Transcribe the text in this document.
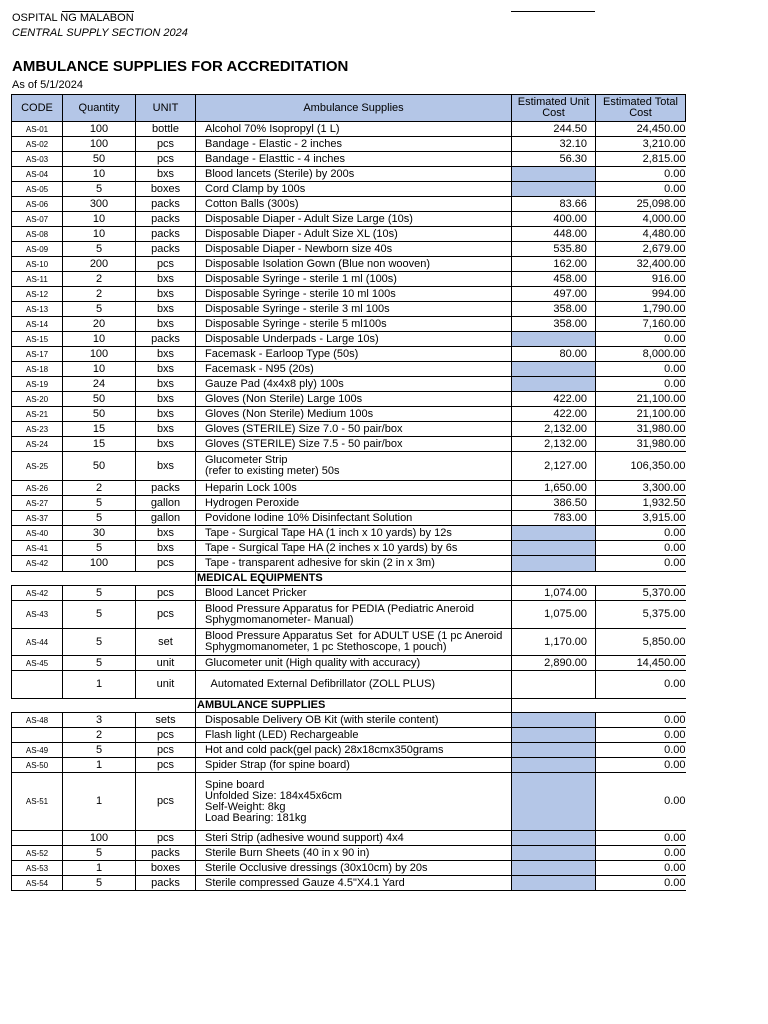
OSPITAL NG MALABON
CENTRAL SUPPLY SECTION 2024
AMBULANCE SUPPLIES FOR ACCREDITATION
As of 5/1/2024
CODE	Quantity	UNIT	Ambulance Supplies	Estimated Unit Cost	Estimated Total Cost
AS-01	100	bottle	Alcohol 70% Isopropyl (1 L)	244.50	24,450.00
AS-02	100	pcs	Bandage - Elastic - 2 inches	32.10	3,210.00
AS-03	50	pcs	Bandage - Elasttic - 4 inches	56.30	2,815.00
AS-04	10	bxs	Blood lancets (Sterile) by 200s		0.00
AS-05	5	boxes	Cord Clamp by 100s		0.00
AS-06	300	packs	Cotton Balls (300s)	83.66	25,098.00
AS-07	10	packs	Disposable Diaper - Adult Size Large (10s)	400.00	4,000.00
AS-08	10	packs	Disposable Diaper - Adult Size XL (10s)	448.00	4,480.00
AS-09	5	packs	Disposable Diaper - Newborn size 40s	535.80	2,679.00
AS-10	200	pcs	Disposable Isolation Gown (Blue non wooven)	162.00	32,400.00
AS-11	2	bxs	Disposable Syringe - sterile 1 ml (100s)	458.00	916.00
AS-12	2	bxs	Disposable Syringe - sterile 10 ml 100s	497.00	994.00
AS-13	5	bxs	Disposable Syringe - sterile 3 ml 100s	358.00	1,790.00
AS-14	20	bxs	Disposable Syringe - sterile 5 ml100s	358.00	7,160.00
AS-15	10	packs	Disposable Underpads - Large 10s)		0.00
AS-17	100	bxs	Facemask - Earloop Type (50s)	80.00	8,000.00
AS-18	10	bxs	Facemask - N95 (20s)		0.00
AS-19	24	bxs	Gauze Pad (4x4x8 ply) 100s		0.00
AS-20	50	bxs	Gloves (Non Sterile) Large 100s	422.00	21,100.00
AS-21	50	bxs	Gloves (Non Sterile) Medium 100s	422.00	21,100.00
AS-23	15	bxs	Gloves (STERILE) Size 7.0 - 50 pair/box	2,132.00	31,980.00
AS-24	15	bxs	Gloves (STERILE) Size 7.5 - 50 pair/box	2,132.00	31,980.00
AS-25	50	bxs	Glucometer Strip
(refer to existing meter) 50s	2,127.00	106,350.00
AS-26	2	packs	Heparin Lock 100s	1,650.00	3,300.00
AS-27	5	gallon	Hydrogen Peroxide	386.50	1,932.50
AS-37	5	gallon	Povidone Iodine 10% Disinfectant Solution	783.00	3,915.00
AS-40	30	bxs	Tape - Surgical Tape HA (1 inch x 10 yards) by 12s		0.00
AS-41	5	bxs	Tape - Surgical Tape HA (2 inches x 10 yards) by 6s		0.00
AS-42	100	pcs	Tape - transparent adhesive for skin (2 in x 3m)		0.00
			MEDICAL EQUIPMENTS		
AS-42	5	pcs	Blood Lancet Pricker	1,074.00	5,370.00
AS-43	5	pcs	Blood Pressure Apparatus for PEDIA (Pediatric Aneroid
Sphygmomanometer- Manual)	1,075.00	5,375.00
AS-44	5	set	Blood Pressure Apparatus Set  for ADULT USE (1 pc Aneroid
Sphygmomanometer, 1 pc Stethoscope, 1 pouch)	1,170.00	5,850.00
AS-45	5	unit	Glucometer unit (High quality with accuracy)	2,890.00	14,450.00
	1	unit	Automated External Defibrillator (ZOLL PLUS)		0.00
			AMBULANCE SUPPLIES		
AS-48	3	sets	Disposable Delivery OB Kit (with sterile content)		0.00
	2	pcs	Flash light (LED) Rechargeable		0.00
AS-49	5	pcs	Hot and cold pack(gel pack) 28x18cmx350grams		0.00
AS-50	1	pcs	Spider Strap (for spine board)		0.00
AS-51	1	pcs	Spine board
Unfolded Size: 184x45x6cm
Self-Weight: 8kg
Load Bearing: 181kg		0.00
	100	pcs	Steri Strip (adhesive wound support) 4x4		0.00
AS-52	5	packs	Sterile Burn Sheets (40 in x 90 in)		0.00
AS-53	1	boxes	Sterile Occlusive dressings (30x10cm) by 20s		0.00
AS-54	5	packs	Sterile compressed Gauze 4.5"X4.1 Yard		0.00
